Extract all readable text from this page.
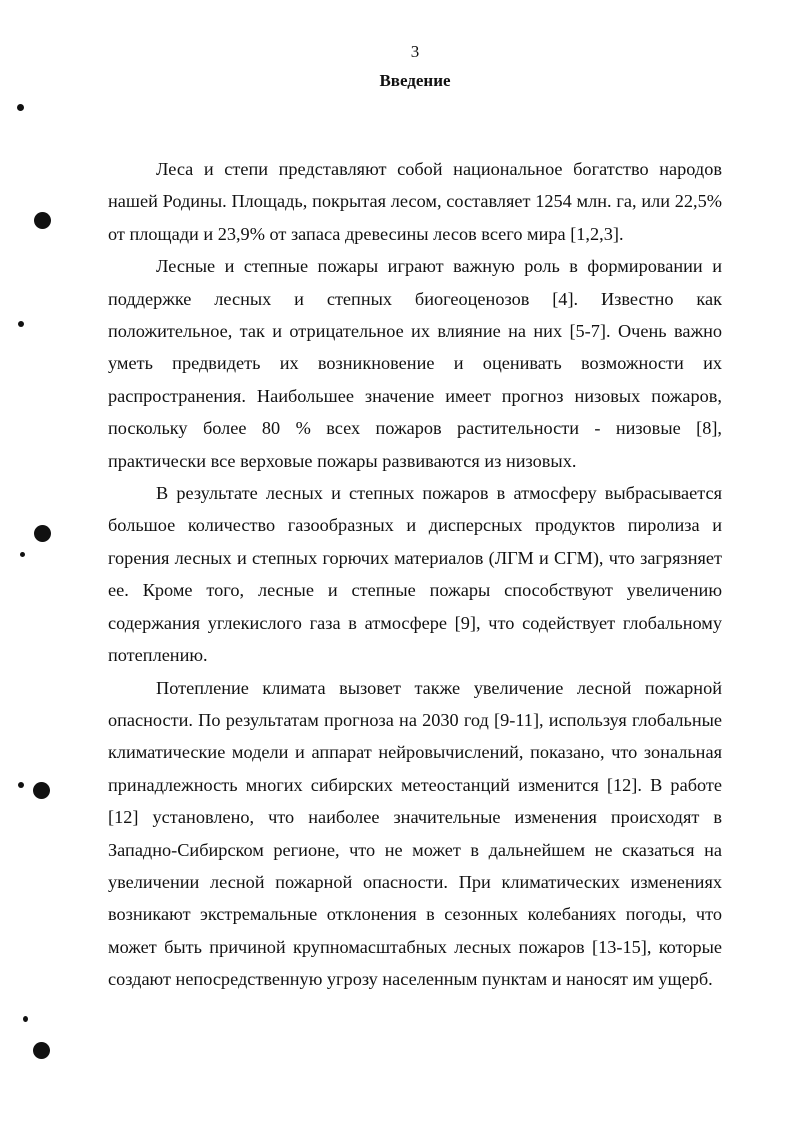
3
Введение

Леса и степи представляют собой национальное богатство народов нашей Родины. Площадь, покрытая лесом, составляет 1254 млн. га, или 22,5% от площади и 23,9% от запаса древесины лесов всего мира [1,2,3].

Лесные и степные пожары играют важную роль в формировании и поддержке лесных и степных биогеоценозов [4]. Известно как положительное, так и отрицательное их влияние на них [5-7]. Очень важно уметь предвидеть их возникновение и оценивать возможности их распространения. Наибольшее значение имеет прогноз низовых пожаров, поскольку более 80 % всех пожаров растительности - низовые [8], практически все верховые пожары развиваются из низовых.

В результате лесных и степных пожаров в атмосферу выбрасывается большое количество газообразных и дисперсных продуктов пиролиза и горения лесных и степных горючих материалов (ЛГМ и СГМ), что загрязняет ее. Кроме того, лесные и степные пожары способствуют увеличению содержания углекислого газа в атмосфере [9], что содействует глобальному потеплению.

Потепление климата вызовет также увеличение лесной пожарной опасности. По результатам прогноза на 2030 год [9-11], используя глобальные климатические модели и аппарат нейровычислений, показано, что зональная принадлежность многих сибирских метеостанций изменится [12]. В работе [12] установлено, что наиболее значительные изменения происходят в Западно-Сибирском регионе, что не может в дальнейшем не сказаться на увеличении лесной пожарной опасности. При климатических изменениях возникают экстремальные отклонения в сезонных колебаниях погоды, что может быть причиной крупномасштабных лесных пожаров [13-15], которые создают непосредственную угрозу населенным пунктам и наносят им ущерб.
